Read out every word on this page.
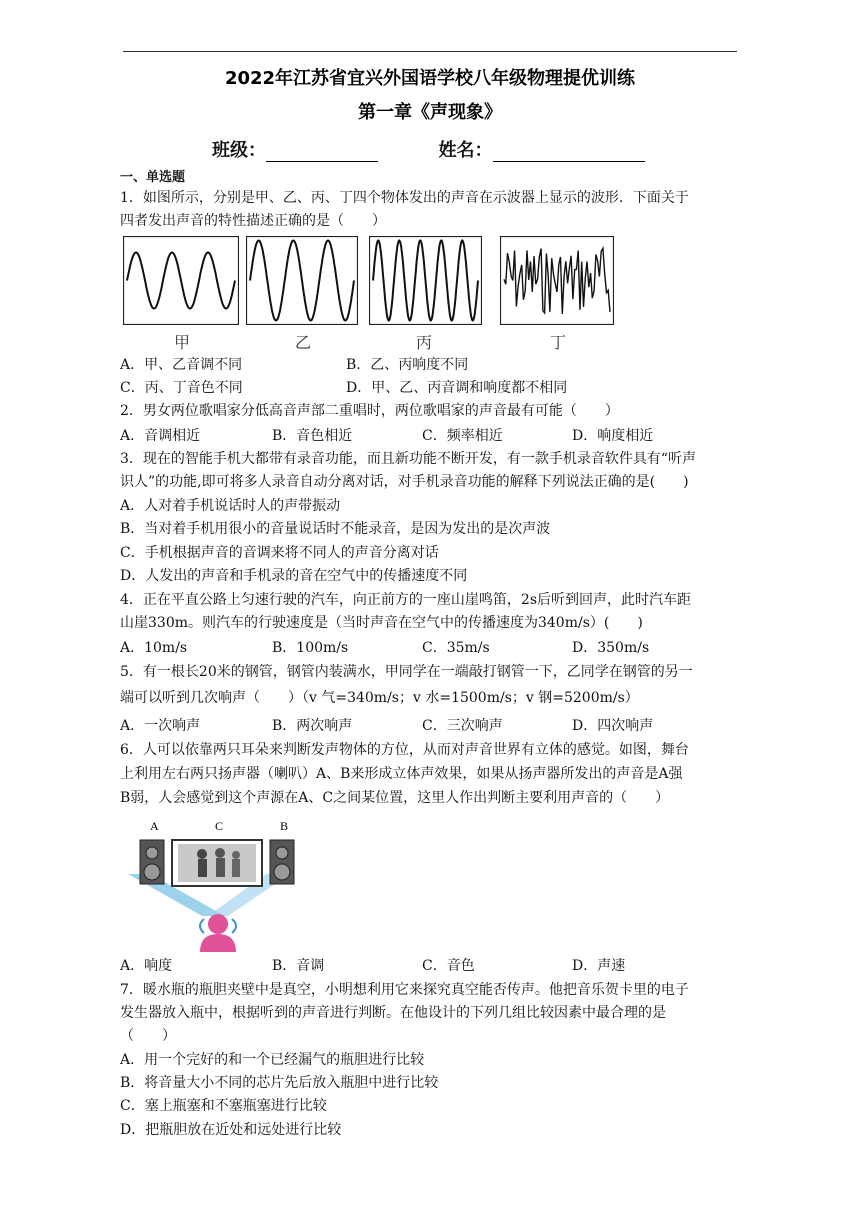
2022年江苏省宜兴外国语学校八年级物理提优训练
第一章《声现象》
班级：	姓名：
一、单选题
1．如图所示，分别是甲、乙、丙、丁四个物体发出的声音在示波器上显示的波形．下面关于
四者发出声音的特性描述正确的是（　　）
甲	乙	丙	丁
A．甲、乙音调不同	B．乙、丙响度不同
C．丙、丁音色不同	D．甲、乙、丙音调和响度都不相同
2．男女两位歌唱家分低高音声部二重唱时，两位歌唱家的声音最有可能（　　）
A．音调相近	B．音色相近	C．频率相近	D．响度相近
3．现在的智能手机大都带有录音功能，而且新功能不断开发，有一款手机录音软件具有“听声
识人”的功能,即可将多人录音自动分离对话，对手机录音功能的解释下列说法正确的是(　　)
A．人对着手机说话时人的声带振动
B．当对着手机用很小的音量说话时不能录音，是因为发出的是次声波
C．手机根据声音的音调来将不同人的声音分离对话
D．人发出的声音和手机录的音在空气中的传播速度不同
4．正在平直公路上匀速行驶的汽车，向正前方的一座山崖鸣笛，2s后听到回声，此时汽车距
山崖330m。则汽车的行驶速度是（当时声音在空气中的传播速度为340m/s）(　　)
A．10m/s	B．100m/s	C．35m/s	D．350m/s
5．有一根长20米的钢管，钢管内装满水，甲同学在一端敲打钢管一下，乙同学在钢管的另一
端可以听到几次响声（　　）（v 气=340m/s；v 水=1500m/s；v 钢=5200m/s）
A．一次响声	B．两次响声	C．三次响声	D．四次响声
6．人可以依靠两只耳朵来判断发声物体的方位，从而对声音世界有立体的感觉。如图，舞台
上利用左右两只扬声器（喇叭）A、B来形成立体声效果，如果从扬声器所发出的声音是A强
B弱，人会感觉到这个声源在A、C之间某位置，这里人作出判断主要利用声音的（　　）
A	C	B
A．响度	B．音调	C．音色	D．声速
7．暖水瓶的瓶胆夹壁中是真空，小明想利用它来探究真空能否传声。他把音乐贺卡里的电子
发生器放入瓶中，根据听到的声音进行判断。在他设计的下列几组比较因素中最合理的是
（　　）
A．用一个完好的和一个已经漏气的瓶胆进行比较
B．将音量大小不同的芯片先后放入瓶胆中进行比较
C．塞上瓶塞和不塞瓶塞进行比较
D．把瓶胆放在近处和远处进行比较
